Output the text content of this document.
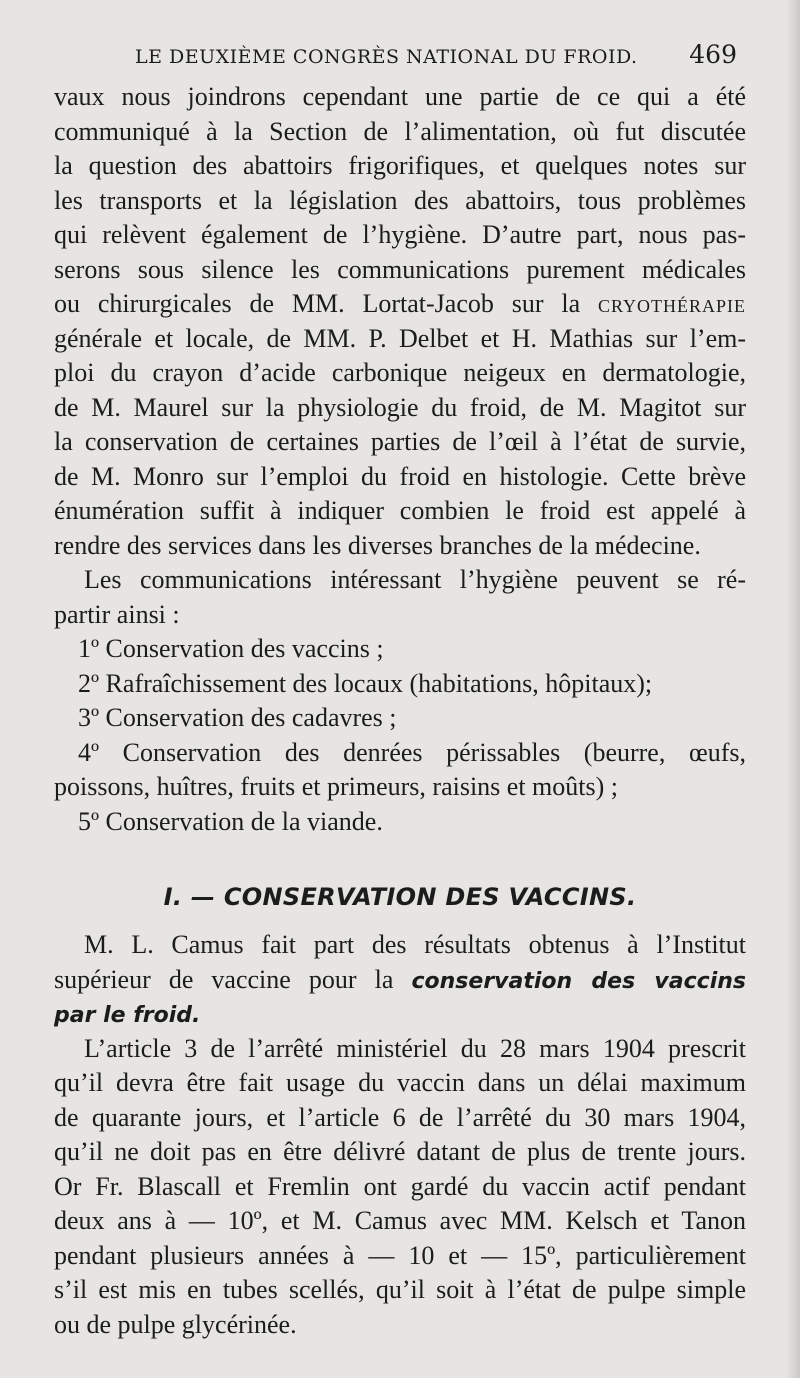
LE DEUXIÈME CONGRÈS NATIONAL DU FROID. 469
vaux nous joindrons cependant une partie de ce qui a été
communiqué à la Section de l’alimentation, où fut discutée
la question des abattoirs frigorifiques, et quelques notes sur
les transports et la législation des abattoirs, tous problèmes
qui relèvent également de l’hygiène. D’autre part, nous pas-
serons sous silence les communications purement médicales
ou chirurgicales de MM. Lortat-Jacob sur la CRYOTHÉRAPIE
générale et locale, de MM. P. Delbet et H. Mathias sur l’em-
ploi du crayon d’acide carbonique neigeux en dermatologie,
de M. Maurel sur la physiologie du froid, de M. Magitot sur
la conservation de certaines parties de l’œil à l’état de survie,
de M. Monro sur l’emploi du froid en histologie. Cette brève
énumération suffit à indiquer combien le froid est appelé à
rendre des services dans les diverses branches de la médecine.
Les communications intéressant l’hygiène peuvent se ré-
partir ainsi :
1º Conservation des vaccins ;
2º Rafraîchissement des locaux (habitations, hôpitaux);
3º Conservation des cadavres ;
4º Conservation des denrées périssables (beurre, œufs,
poissons, huîtres, fruits et primeurs, raisins et moûts) ;
5º Conservation de la viande.
I. — CONSERVATION DES VACCINS.
M. L. Camus fait part des résultats obtenus à l’Institut
supérieur de vaccine pour la conservation des vaccins
par le froid.
L’article 3 de l’arrêté ministériel du 28 mars 1904 prescrit
qu’il devra être fait usage du vaccin dans un délai maximum
de quarante jours, et l’article 6 de l’arrêté du 30 mars 1904,
qu’il ne doit pas en être délivré datant de plus de trente jours.
Or Fr. Blascall et Fremlin ont gardé du vaccin actif pendant
deux ans à — 10º, et M. Camus avec MM. Kelsch et Tanon
pendant plusieurs années à — 10 et — 15º, particulièrement
s’il est mis en tubes scellés, qu’il soit à l’état de pulpe simple
ou de pulpe glycérinée.
